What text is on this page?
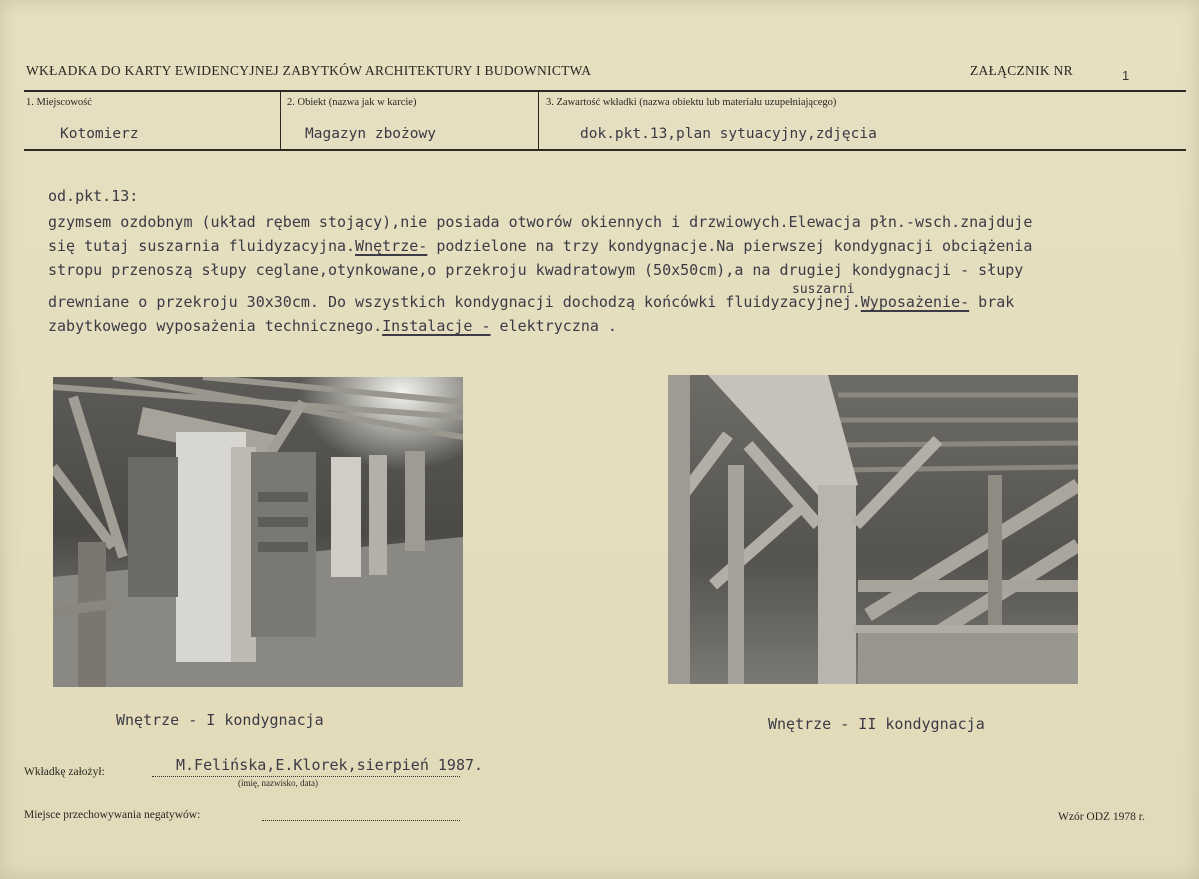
WKŁADKA DO KARTY EWIDENCYJNEJ ZABYTKÓW ARCHITEKTURY I BUDOWNICTWA	ZAŁĄCZNIK NR	1
1. Miejscowość
Kotomierz
2. Obiekt (nazwa jak w karcie)
Magazyn zbożowy
3. Zawartość wkładki (nazwa obiektu lub materiału uzupełniającego)
dok.pkt.13,plan sytuacyjny,zdjęcia
od.pkt.13:
gzymsem ozdobnym (układ rębem stojący),nie posiada otworów okiennych i drzwiowych.Elewacja płn.-wsch.znajduje
się tutaj suszarnia fluidyzacyjna.Wnętrze- podzielone na trzy kondygnacje.Na pierwszej kondygnacji obciążenia
stropu przenoszą słupy ceglane,otynkowane,o przekroju kwadratowym (50x50cm),a na drugiej kondygnacji - słupy
suszarni
drewniane o przekroju 30x30cm. Do wszystkich kondygnacji dochodzą końcówki fluidyzacyjnej.Wyposażenie- brak
zabytkowego wyposażenia technicznego.Instalacje - elektryczna .
Wnętrze - I kondygnacja	Wnętrze - II kondygnacja
Wkładkę założył:	M.Felińska,E.Klorek,sierpień 1987.
(imię, nazwisko, data)
Miejsce przechowywania negatywów:	Wzór ODZ 1978 r.
